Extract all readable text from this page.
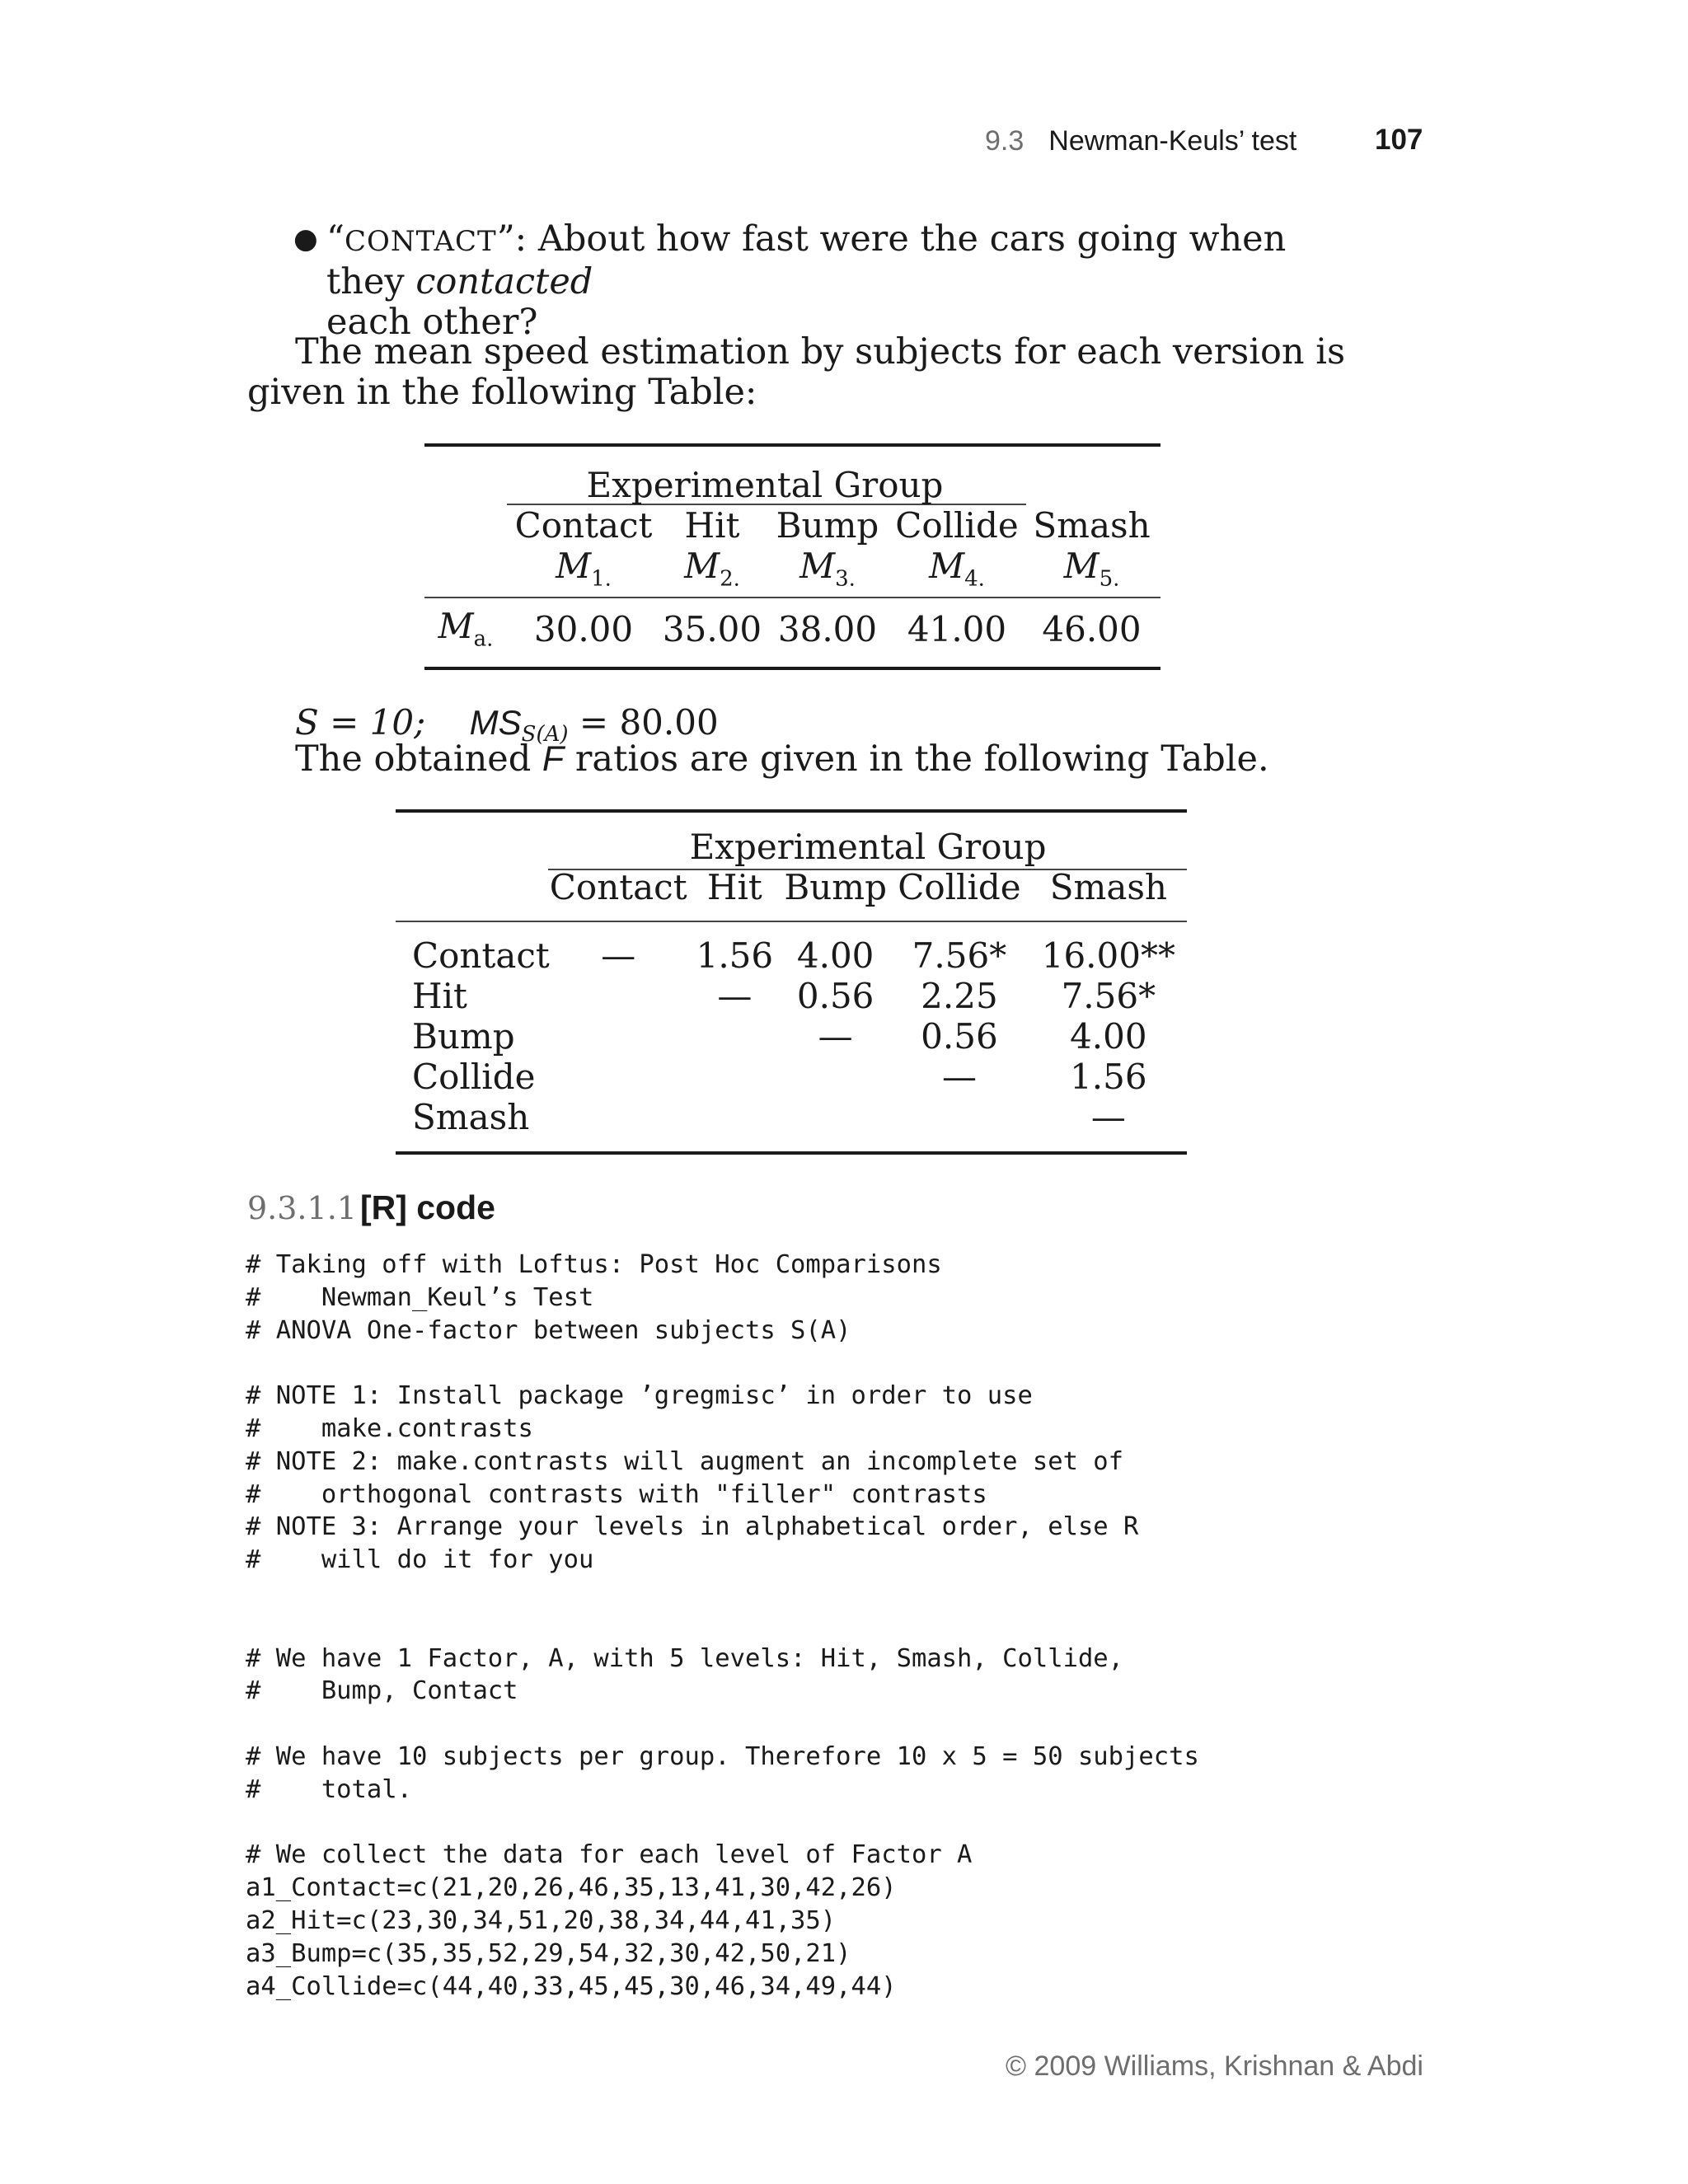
9.3 Newman-Keuls’ test	107
● “CONTACT”: About how fast were the cars going when they contacted
each other?
The mean speed estimation by subjects for each version is given in the following Table:
	Experimental Group				
	Contact	Hit	Bump	Collide	Smash
	$M_{1.}$	$M_{2.}$	$M_{3.}$	$M_{4.}$	$M_{5.}$

$M_{a.}$	30.00	35.00	38.00	41.00	46.00
S = 10; $MS_{S(A)} = 80.00$
The obtained F ratios are given in the following Table.
		Experimental Group			
	Contact	Hit	Bump	Collide	Smash

Contact	—	1.56	4.00	7.56*	16.00**
Hit		—	0.56	2.25	7.56*
Bump			—	0.56	4.00
Collide				—	1.56
Smash					—
9.3.1.1 [R] code
# Taking off with Loftus: Post Hoc Comparisons
#    Newman_Keul’s Test
# ANOVA One-factor between subjects S(A)

# NOTE 1: Install package ’gregmisc’ in order to use
#    make.contrasts
# NOTE 2: make.contrasts will augment an incomplete set of
#    orthogonal contrasts with "filler" contrasts
# NOTE 3: Arrange your levels in alphabetical order, else R
#    will do it for you

# We have 1 Factor, A, with 5 levels: Hit, Smash, Collide,
#    Bump, Contact

# We have 10 subjects per group. Therefore 10 x 5 = 50 subjects
#    total.

# We collect the data for each level of Factor A
a1_Contact=c(21,20,26,46,35,13,41,30,42,26)
a2_Hit=c(23,30,34,51,20,38,34,44,41,35)
a3_Bump=c(35,35,52,29,54,32,30,42,50,21)
a4_Collide=c(44,40,33,45,45,30,46,34,49,44)
© 2009 Williams, Krishnan & Abdi
